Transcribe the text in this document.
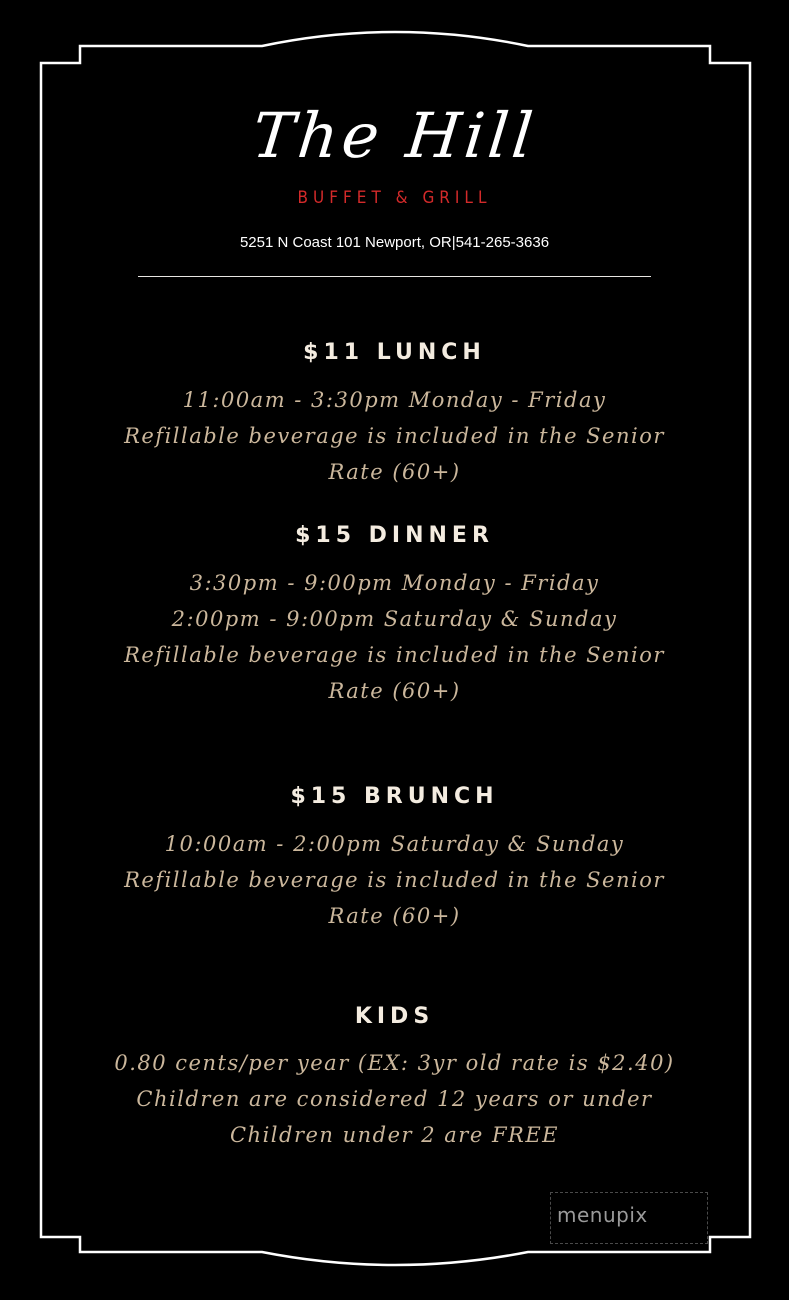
The Hill
BUFFET & GRILL
5251 N Coast 101 Newport, OR|541-265-3636
$11 LUNCH
11:00am - 3:30pm Monday - Friday
Refillable beverage is included in the Senior
Rate (60+)
$15 DINNER
3:30pm - 9:00pm Monday - Friday
2:00pm - 9:00pm Saturday & Sunday
Refillable beverage is included in the Senior
Rate (60+)
$15 BRUNCH
10:00am - 2:00pm Saturday & Sunday
Refillable beverage is included in the Senior
Rate (60+)
KIDS
0.80 cents/per year (EX: 3yr old rate is $2.40)
Children are considered 12 years or under
Children under 2 are FREE
menupix
